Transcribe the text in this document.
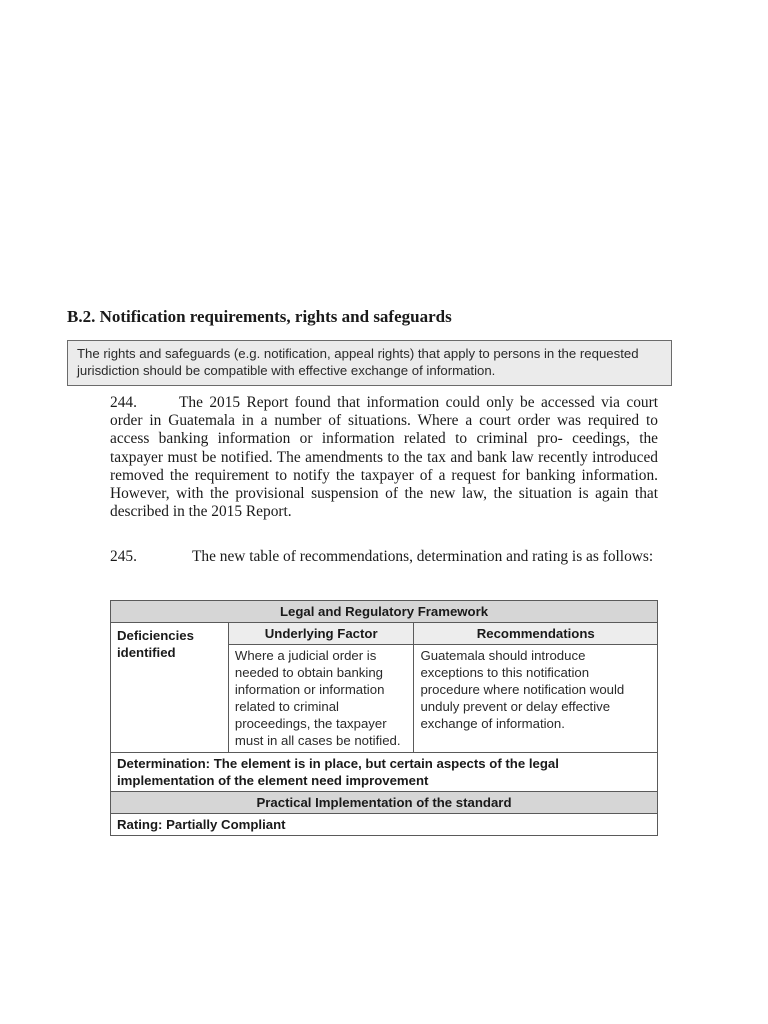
B.2. Notification requirements, rights and safeguards
The rights and safeguards (e.g. notification, appeal rights) that apply to persons in the requested jurisdiction should be compatible with effective exchange of information.

244.	The 2015 Report found that information could only be accessed via court order in Guatemala in a number of situations. Where a court order was required to access banking information or information related to criminal pro- ceedings, the taxpayer must be notified. The amendments to the tax and bank law recently introduced removed the requirement to notify the taxpayer of a request for banking information. However, with the provisional suspension of the new law, the situation is again that described in the 2015 Report.

245.	The new table of recommendations, determination and rating is as follows:

Legal and Regulatory Framework		
Deficiencies identified	Underlying Factor	Recommendations
	Where a judicial order is needed to obtain banking information or information related to criminal proceedings, the taxpayer must in all cases be notified.	Guatemala should introduce exceptions to this notification procedure where notification would unduly prevent or delay effective exchange of information.
Determination: The element is in place, but certain aspects of the legal implementation of the element need improvement		
Practical Implementation of the standard		
Rating: Partially Compliant		
